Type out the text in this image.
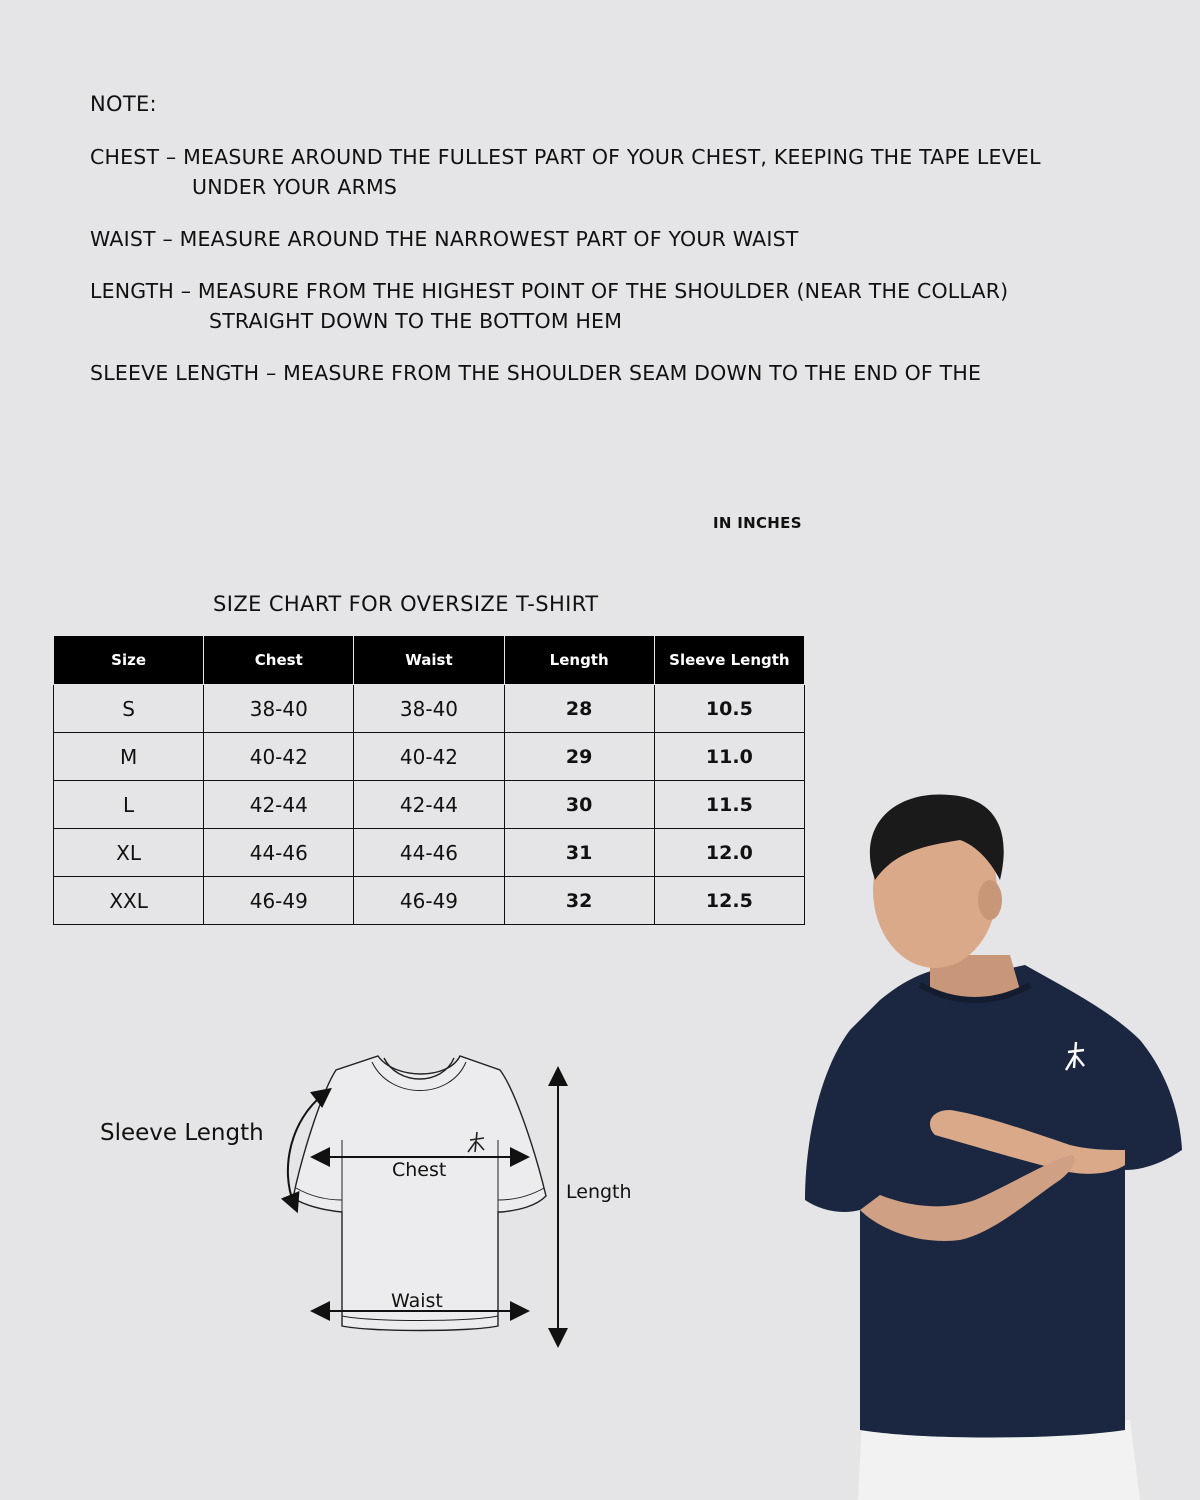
NOTE:
CHEST – MEASURE AROUND THE FULLEST PART OF YOUR CHEST, KEEPING THE TAPE LEVEL
UNDER YOUR ARMS
WAIST – MEASURE AROUND THE NARROWEST PART OF YOUR WAIST
LENGTH – MEASURE FROM THE HIGHEST POINT OF THE SHOULDER (NEAR THE COLLAR)
STRAIGHT DOWN TO THE BOTTOM HEM
SLEEVE LENGTH – MEASURE FROM THE SHOULDER SEAM DOWN TO THE END OF THE
IN INCHES
SIZE CHART FOR OVERSIZE T-SHIRT
Size	Chest	Waist	Length	Sleeve Length
S	38-40	38-40	28	10.5
M	40-42	40-42	29	11.0
L	42-44	42-44	30	11.5
XL	44-46	44-46	31	12.0
XXL	46-49	46-49	32	12.5
Sleeve Length
Chest
Waist
Length
